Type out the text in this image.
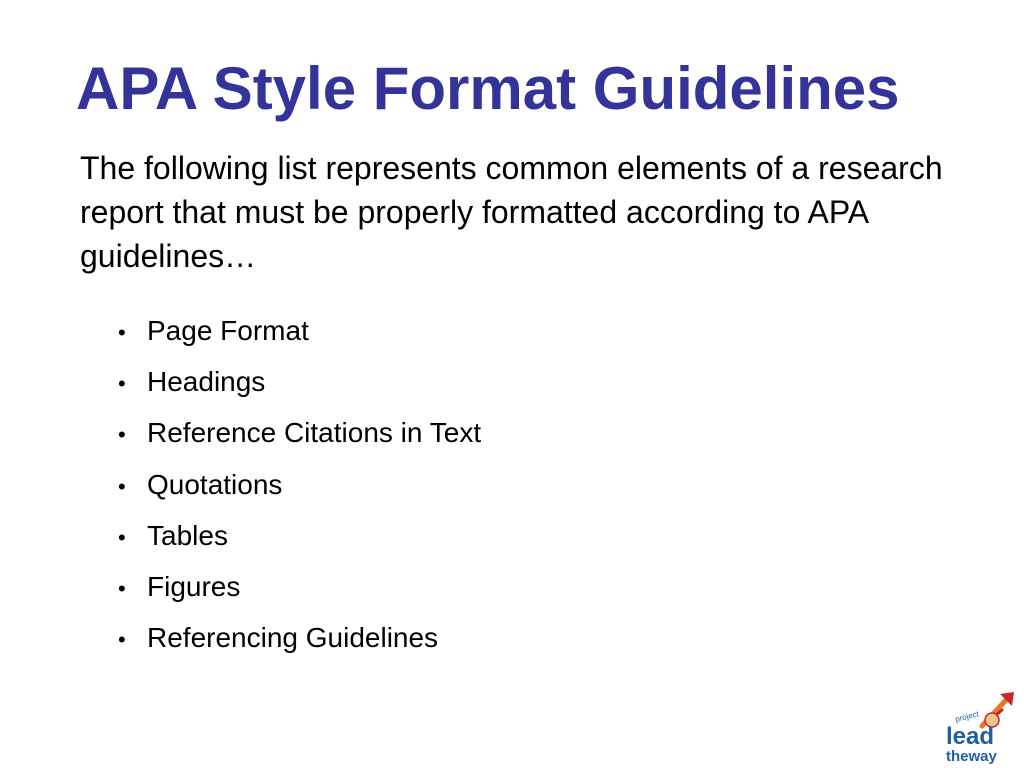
APA Style Format Guidelines

The following list represents common elements of a research report that must be properly formatted according to APA guidelines…

• Page Format
• Headings
• Reference Citations in Text
• Quotations
• Tables
• Figures
• Referencing Guidelines
project
lead
theway
